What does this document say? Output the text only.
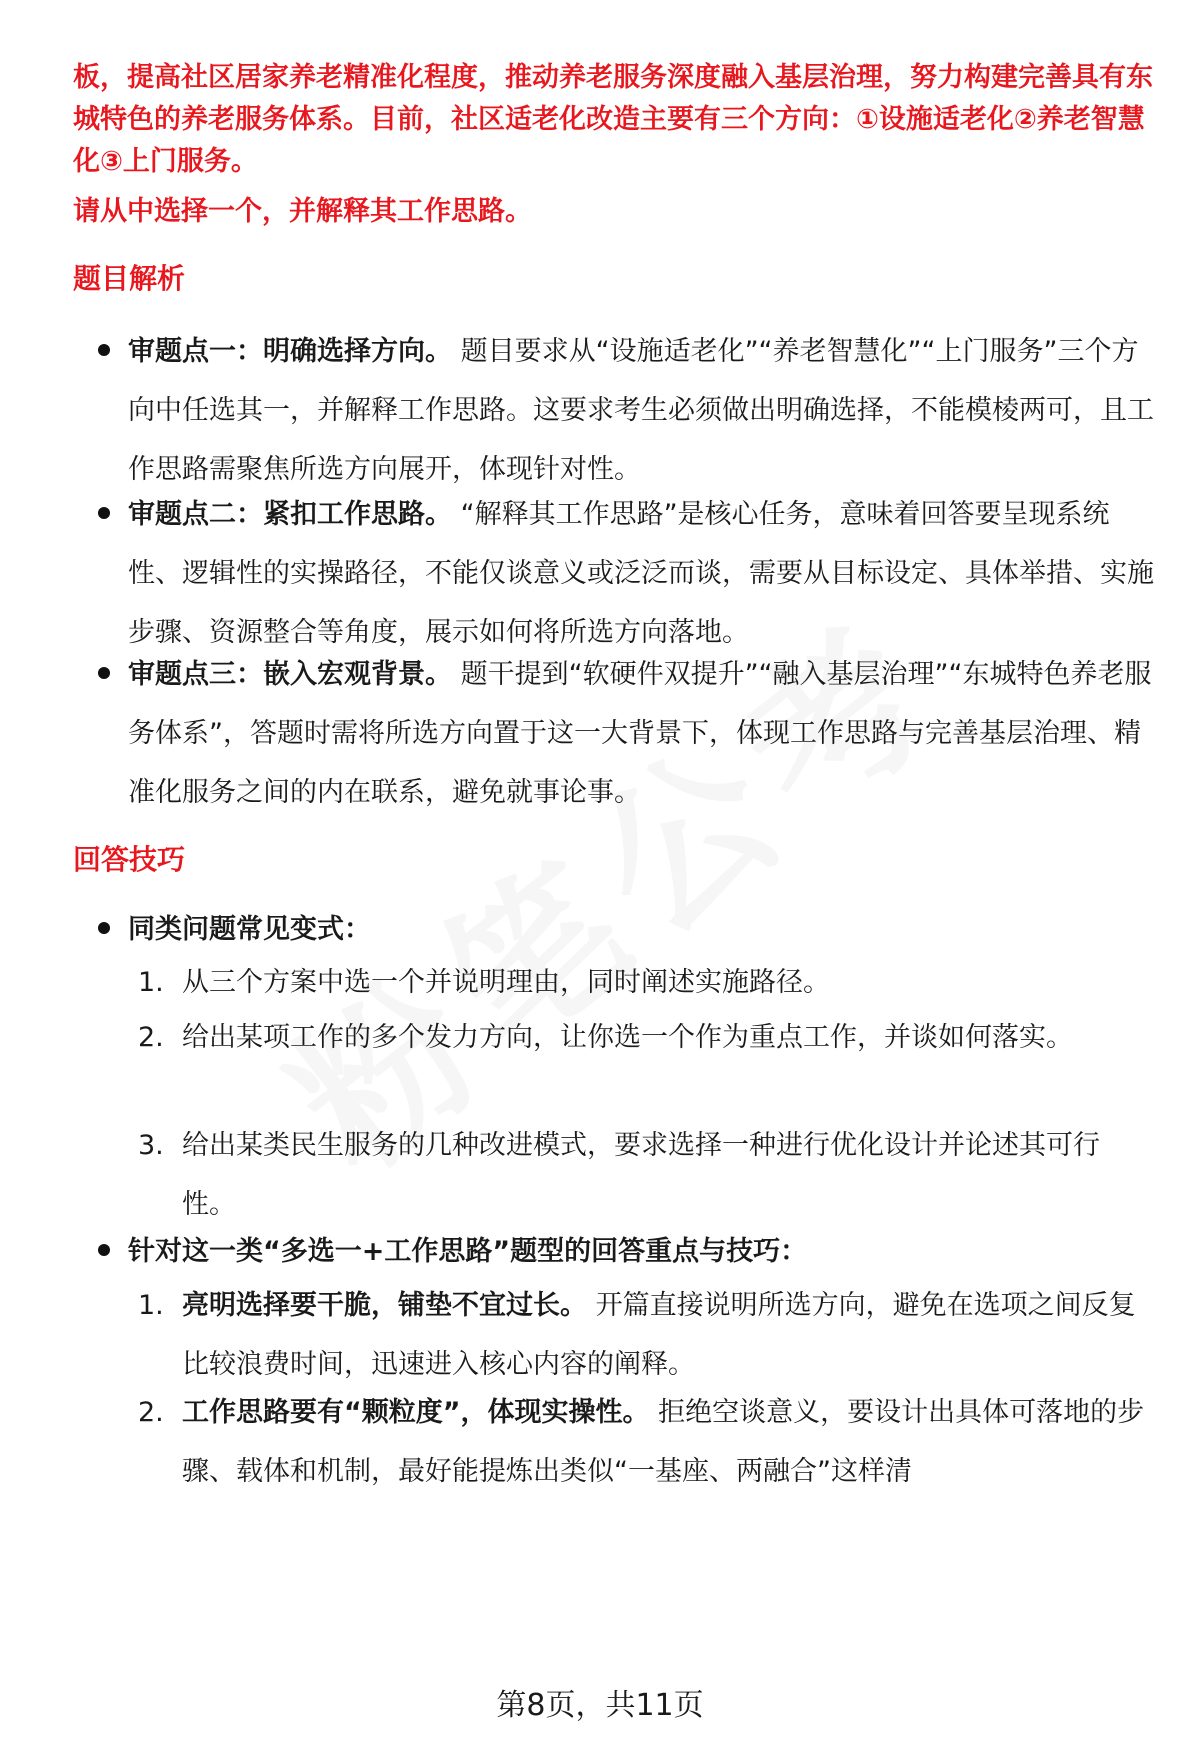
板，提高社区居家养老精准化程度，推动养老服务深度融入基层治理，努力构建完善具有东城特色的养老服务体系。目前，社区适老化改造主要有三个方向：①设施适老化②养老智慧化③上门服务。

请从中选择一个，并解释其工作思路。

题目解析
审题点一：明确选择方向。 题目要求从“设施适老化”“养老智慧化”“上门服务”三个方向中任选其一，并解释工作思路。这要求考生必须做出明确选择，不能模棱两可，且工作思路需聚焦所选方向展开，体现针对性。
审题点二：紧扣工作思路。 “解释其工作思路”是核心任务，意味着回答要呈现系统性、逻辑性的实操路径，不能仅谈意义或泛泛而谈，需要从目标设定、具体举措、实施步骤、资源整合等角度，展示如何将所选方向落地。
审题点三：嵌入宏观背景。 题干提到“软硬件双提升”“融入基层治理”“东城特色养老服务体系”，答题时需将所选方向置于这一大背景下，体现工作思路与完善基层治理、精准化服务之间的内在联系，避免就事论事。
回答技巧
同类问题常见变式：
1. 从三个方案中选一个并说明理由，同时阐述实施路径。
2. 给出某项工作的多个发力方向，让你选一个作为重点工作，并谈如何落实。
3. 给出某类民生服务的几种改进模式，要求选择一种进行优化设计并论述其可行性。
针对这一类“多选一+工作思路”题型的回答重点与技巧：
1. 亮明选择要干脆，铺垫不宜过长。 开篇直接说明所选方向，避免在选项之间反复比较浪费时间，迅速进入核心内容的阐释。
2. 工作思路要有“颗粒度”，体现实操性。 拒绝空谈意义，要设计出具体可落地的步骤、载体和机制，最好能提炼出类似“一基座、两融合”这样清
第8页，共11页
